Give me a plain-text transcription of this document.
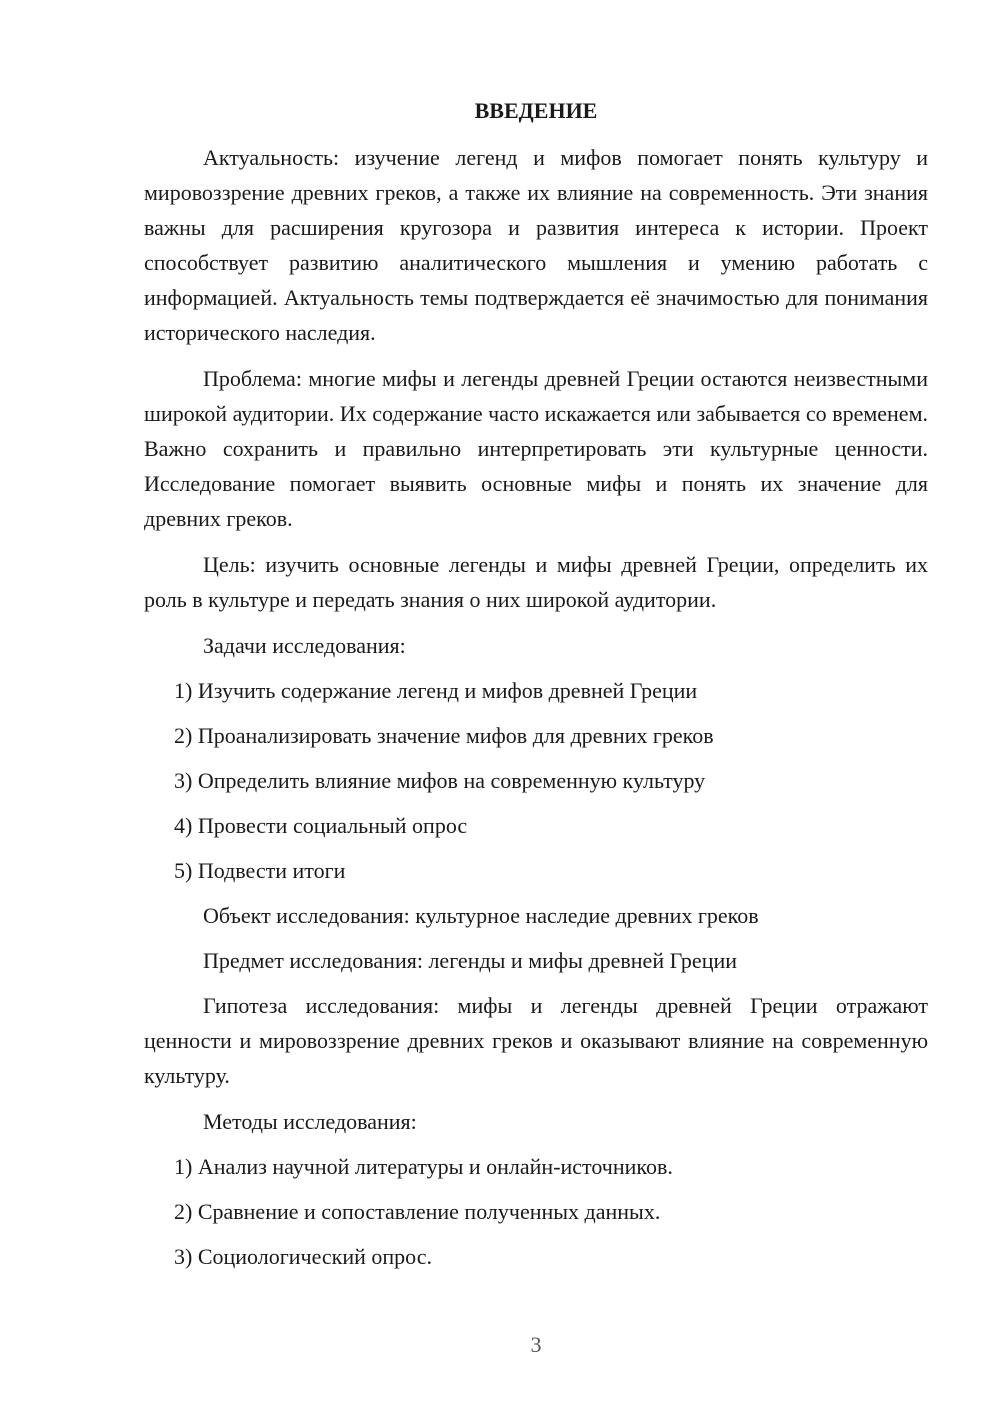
ВВЕДЕНИЕ

Актуальность: изучение легенд и мифов помогает понять культуру и мировоззрение древних греков, а также их влияние на современность. Эти знания важны для расширения кругозора и развития интереса к истории. Проект способствует развитию аналитического мышления и умению работать с информацией. Актуальность темы подтверждается её значимостью для понимания исторического наследия.

Проблема: многие мифы и легенды древней Греции остаются неизвестными широкой аудитории. Их содержание часто искажается или забывается со временем. Важно сохранить и правильно интерпретировать эти культурные ценности. Исследование помогает выявить основные мифы и понять их значение для древних греков.

Цель: изучить основные легенды и мифы древней Греции, определить их роль в культуре и передать знания о них широкой аудитории.

Задачи исследования:
1) Изучить содержание легенд и мифов древней Греции
2) Проанализировать значение мифов для древних греков
3) Определить влияние мифов на современную культуру
4) Провести социальный опрос
5) Подвести итоги
Объект исследования: культурное наследие древних греков
Предмет исследования: легенды и мифы древней Греции

Гипотеза исследования: мифы и легенды древней Греции отражают ценности и мировоззрение древних греков и оказывают влияние на современную культуру.

Методы исследования:
1) Анализ научной литературы и онлайн-источников.
2) Сравнение и сопоставление полученных данных.
3) Социологический опрос.
3
